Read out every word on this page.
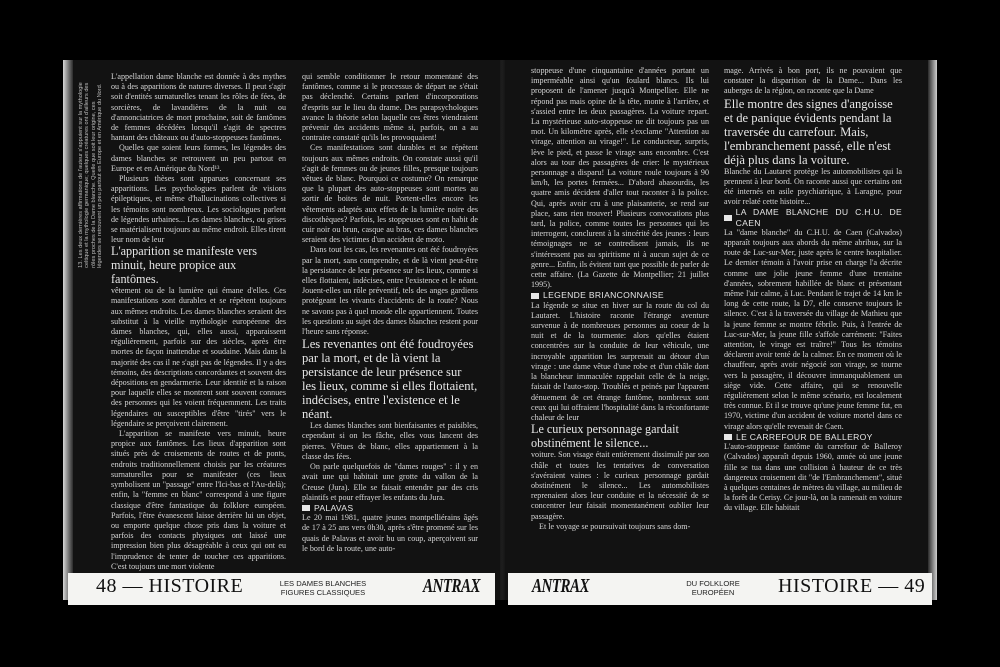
13. Les deux dernières affirmations de l'auteur s'appuient sur la mythologie celtique et la mythologie germanique; quelques créatures ont d'ailleurs des rôles proches de la Dame blanche. Quelle que soit leur origine, ces légendes se retrouvent un peu partout en Europe et en Amérique du Nord.

L'appellation dame blanche est donnée à des mythes ou à des apparitions de natures diverses. Il peut s'agir soit d'entités surnaturelles tenant les rôles de fées, de sorcières, de lavandières de la nuit ou d'annonciatrices de mort prochaine, soit de fantômes de femmes décédées lorsqu'il s'agit de spectres hantant des châteaux ou d'auto-stoppeuses fantômes.

Quelles que soient leurs formes, les légendes des dames blanches se retrouvent un peu partout en Europe et en Amérique du Nord¹³.

Plusieurs thèses sont apparues concernant ses apparitions. Les psychologues parlent de visions épileptiques, et même d'hallucinations collectives si les témoins sont nombreux. Les sociologues parlent de légendes urbaines... Les dames blanches, ou grises se matérialisent toujours au même endroit. Elles tirent leur nom de leur

L'apparition se manifeste vers minuit, heure propice aux fantômes.

vêtement ou de la lumière qui émane d'elles. Ces manifestations sont durables et se répètent toujours aux mêmes endroits. Les dames blanches seraient des substitut à la vieille mythologie européenne des dames blanches, qui, elles aussi, apparaissent régulièrement, parfois sur des siècles, après être mortes de façon inattendue et soudaine. Mais dans la majorité des cas il ne s'agit pas de légendes. Il y a des témoins, des descriptions concordantes et souvent des dépositions en gendarmerie. Leur identité et la raison pour laquelle elles se montrent sont souvent connues des personnes qui les voient fréquemment. Les traits légendaires ou susceptibles d'être "tirés" vers le légendaire se perçoivent clairement.

L'apparition se manifeste vers minuit, heure propice aux fantômes. Les lieux d'apparition sont situés près de croisements de routes et de ponts, endroits traditionnellement choisis par les créatures surnaturelles pour se manifester (ces lieux symbolisent un "passage" entre l'Ici-bas et l'Au-delà); enfin, la "femme en blanc" correspond à une figure classique d'être fantastique du folklore européen. Parfois, l'être évanescent laisse derrière lui un objet, ou emporte quelque chose pris dans la voiture et parfois des contacts physiques ont laissé une impression bien plus désagréable à ceux qui ont eu l'imprudence de tenter de toucher ces apparitions. C'est toujours une mort violente

qui semble conditionner le retour momentané des fantômes, comme si le processus de départ ne s'était pas déclenché. Certains parlent d'incorporations d'esprits sur le lieu du drame. Des parapsychologues avance la théorie selon laquelle ces êtres viendraient prévenir des accidents même si, parfois, on a au contraire constaté qu'ils les provoquaient!

Ces manifestations sont durables et se répètent toujours aux mêmes endroits. On constate aussi qu'il s'agit de femmes ou de jeunes filles, presque toujours vêtues de blanc. Pourquoi ce costume? On remarque que la plupart des auto-stoppeuses sont mortes au sortir de boites de nuit. Portent-elles encore les vêtements adaptés aux effets de la lumière noire des discothèques? Parfois, les stoppeuses sont en habit de cuir noir ou brun, casque au bras, ces dames blanches seraient des victimes d'un accident de moto.

Dans tout les cas, les revenantes ont été foudroyées par la mort, sans comprendre, et de là vient peut-être la persistance de leur présence sur les lieux, comme si elles flottaient, indécises, entre l'existence et le néant. Jouent-elles un rôle préventif, tels des anges gardiens protégeant les vivants d'accidents de la route? Nous ne savons pas à quel monde elle appartiennent. Toutes les questions au sujet des dames blanches restent pour l'heure sans réponse.

Les revenantes ont été foudroyées par la mort, et de là vient la persistance de leur présence sur les lieux, comme si elles flottaient, indécises, entre l'existence et le néant.

Les dames blanches sont bienfaisantes et paisibles, cependant si on les fâche, elles vous lancent des pierres. Vêtues de blanc, elles appartiennent à la classe des fées.

On parle quelquefois de "dames rouges" : il y en avait une qui habitait une grotte du vallon de la Creuse (Jura). Elle se faisait entendre par des cris plaintifs et pour effrayer les enfants du Jura.

PALAVAS

Le 20 mai 1981, quatre jeunes montpelliérains âgés de 17 à 25 ans vers 0h30, après s'être promené sur les quais de Palavas et avoir bu un coup, aperçoivent sur le bord de la route, une auto-

48 — HISTOIRE	LES DAMES BLANCHES
FIGURES CLASSIQUES	ANTRAX

stoppeuse d'une cinquantaine d'années portant un imperméable ainsi qu'un foulard blancs. Ils lui proposent de l'amener jusqu'à Montpellier. Elle ne répond pas mais opine de la tête, monte à l'arrière, et s'assied entre les deux passagères. La voiture repart. La mystérieuse auto-stoppeuse ne dit toujours pas un mot. Un kilomètre après, elle s'exclame "Attention au virage, attention au virage!". Le conducteur, surpris, lève le pied, et passe le virage sans encombre. C'est alors au tour des passagères de crier: le mystérieux personnage a disparu! La voiture roule toujours à 90 km/h, les portes fermées... D'abord abasourdis, les quatre amis décident d'aller tout raconter à la police. Qui, après avoir cru à une plaisanterie, se rend sur place, sans rien trouver! Plusieurs convocations plus tard, la police, comme toutes les personnes qui les interrogent, conclurent à la sincérité des jeunes : leurs témoignages ne se contredisent jamais, ils ne s'intéressent pas au spiritisme ni à aucun sujet de ce genre... Enfin, ils évitent tant que possible de parler de cette affaire. (La Gazette de Montpellier; 21 juillet 1995).

LEGENDE BRIANCONNAISE

La légende se situe en hiver sur la route du col du Lautaret. L'histoire raconte l'étrange aventure survenue à de nombreuses personnes au coeur de la nuit et de la tourmente: alors qu'elles étaient concentrées sur la conduite de leur véhicule, une incroyable apparition les surprenait au détour d'un virage : une dame vêtue d'une robe et d'un châle dont la blancheur immaculée rappelait celle de la neige, faisait de l'auto-stop. Troublés et peinés par l'apparent dénuement de cet étrange fantôme, nombreux sont ceux qui lui offraient l'hospitalité dans la réconfortante chaleur de leur

Le curieux personnage gardait obstinément le silence...

voiture. Son visage était entièrement dissimulé par son châle et toutes les tentatives de conversation s'avéraient vaines : le curieux personnage gardait obstinément le silence... Les automobilistes reprenaient alors leur conduite et la nécessité de se concentrer leur faisait momentanément oublier leur passagère.

Et le voyage se poursuivait toujours sans dom-

mage. Arrivés à bon port, ils ne pouvaient que constater la disparition de la Dame... Dans les auberges de la région, on raconte que la Dame

Elle montre des signes d'angoisse et de panique évidents pendant la traversée du carrefour. Mais, l'embranchement passé, elle n'est déjà plus dans la voiture.

Blanche du Lautaret protège les automobilistes qui la prennent à leur bord. On raconte aussi que certains ont été internés en asile psychiatrique, à Laragne, pour avoir relaté cette histoire...

LA DAME BLANCHE DU C.H.U. DE CAEN

La "dame blanche" du C.H.U. de Caen (Calvados) apparaît toujours aux abords du même abribus, sur la route de Luc-sur-Mer, juste après le centre hospitalier. Le dernier témoin à l'avoir prise en charge l'a décrite comme une jolie jeune femme d'une trentaine d'années, sobrement habillée de blanc et présentant même l'air calme, à Luc. Pendant le trajet de 14 km le long de cette route, la D7, elle conserve toujours le silence. C'est à la traversée du village de Mathieu que la jeune femme se montre fébrile. Puis, à l'entrée de Luc-sur-Mer, la jeune fille s'affole carrément: "Faites attention, le virage est traître!" Tous les témoins déclarent avoir tenté de la calmer. En ce moment où le chauffeur, après avoir négocié son virage, se tourne vers la passagère, il découvre immanquablement un siège vide. Cette affaire, qui se renouvelle régulièrement selon le même scénario, est localement très connue. Et il se trouve qu'une jeune femme fut, en 1970, victime d'un accident de voiture mortel dans ce virage alors qu'elle revenait de Caen.

LE CARREFOUR DE BALLEROY

L'auto-stoppeuse fantôme du carrefour de Balleroy (Calvados) apparaît depuis 1960, année où une jeune fille se tua dans une collision à hauteur de ce très dangereux croisement dit "de l'Embranchement", situé à quelques centaines de mètres du village, au milieu de la forêt de Cerisy. Ce jour-là, on la ramenait en voiture du village. Elle habitait

ANTRAX	DU FOLKLORE
EUROPÉEN	HISTOIRE — 49
